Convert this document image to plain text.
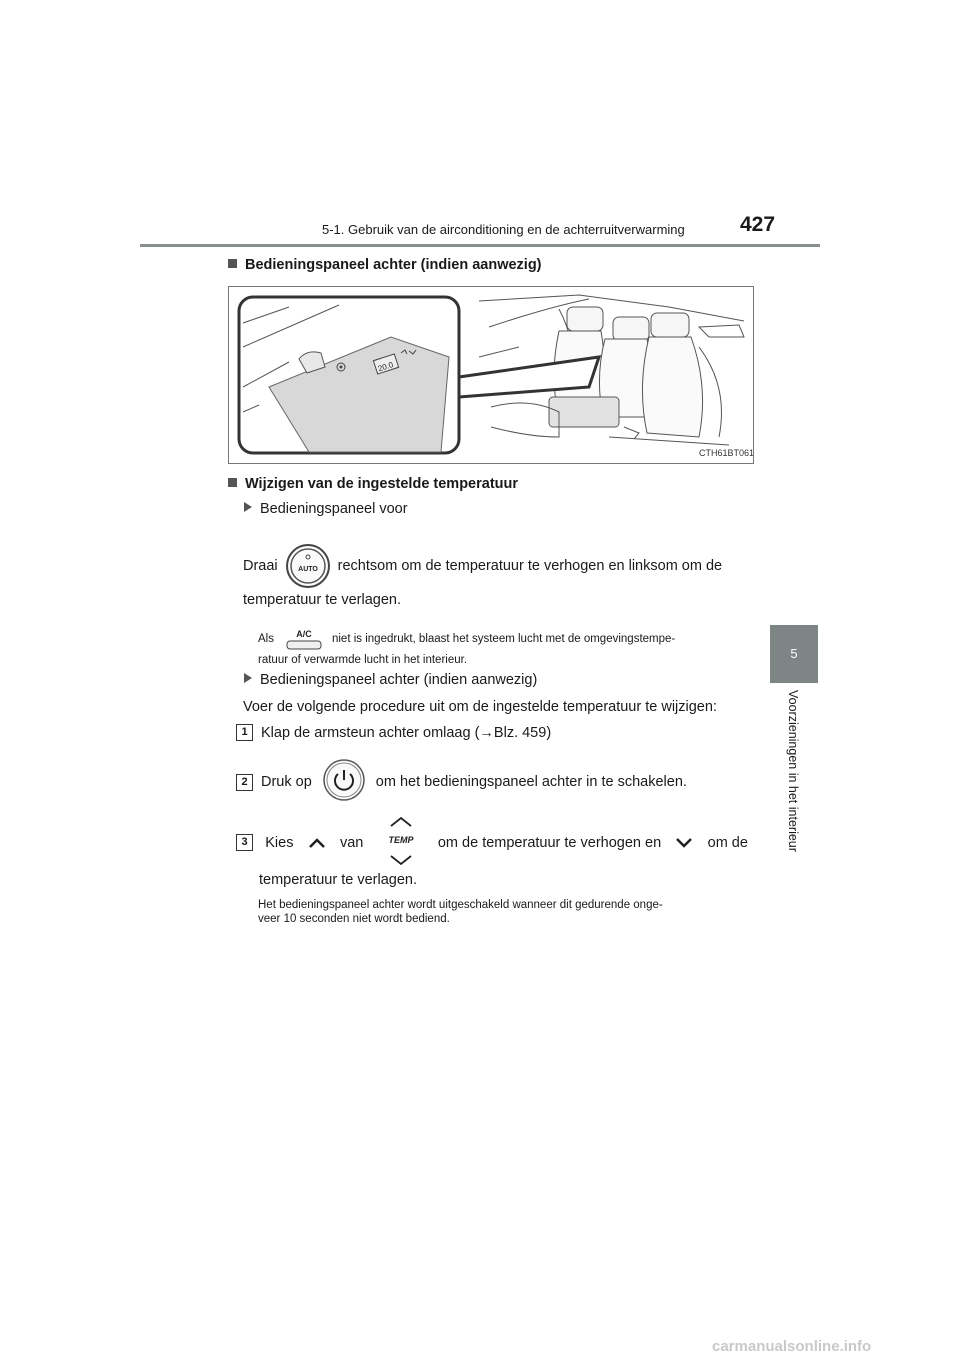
5-1. Gebruik van de airconditioning en de achterruitverwarming	427
5
Voorzieningen in het interieur
Bedieningspaneel achter (indien aanwezig)
20.0
CTH61BT061
Wijzigen van de ingestelde temperatuur
Bedieningspaneel voor
Draai	AUTO rechtsom om de temperatuur te verhogen en linksom om de
temperatuur te verlagen.
Als A/C niet is ingedrukt, blaast het systeem lucht met de omgevingstempe-
ratuur of verwarmde lucht in het interieur.
Bedieningspaneel achter (indien aanwezig)
Voer de volgende procedure uit om de ingestelde temperatuur te wijzigen:
1 Klap de armsteun achter omlaag (→Blz. 459)
2 Druk op	om het bedieningspaneel achter in te schakelen.
3	Kies	van	TEMP om de temperatuur te verhogen en	om de
temperatuur te verlagen.
Het bedieningspaneel achter wordt uitgeschakeld wanneer dit gedurende onge-
veer 10 seconden niet wordt bediend.
carmanualsonline.info
